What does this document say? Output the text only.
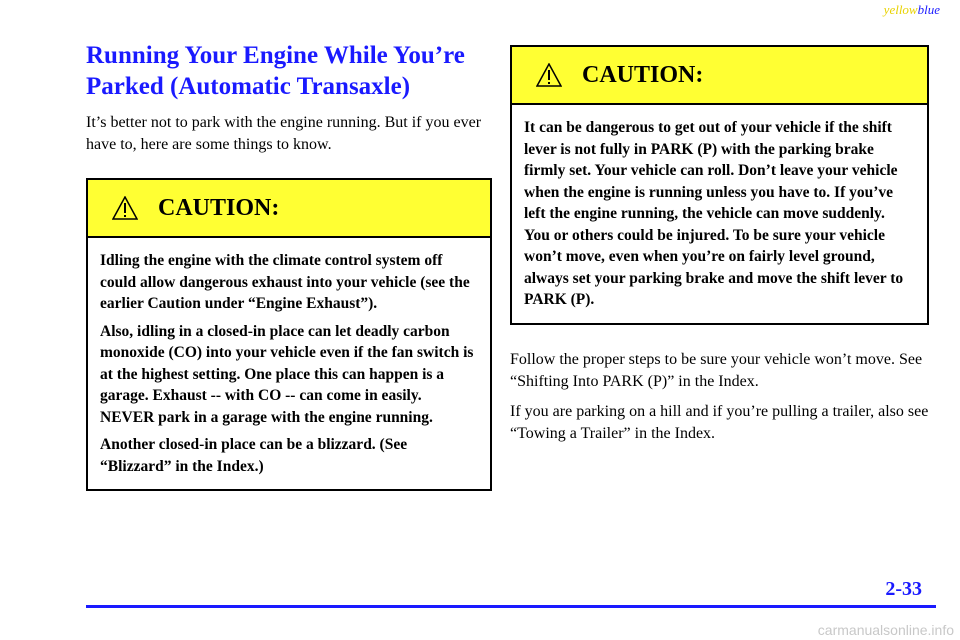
yellowblue
Running Your Engine While You’re
Parked (Automatic Transaxle)

It’s better not to park with the engine running. But if you ever have to, here are some things to know.

CAUTION:

Idling the engine with the climate control system off could allow dangerous exhaust into your vehicle (see the earlier Caution under “Engine Exhaust”).

Also, idling in a closed-in place can let deadly carbon monoxide (CO) into your vehicle even if the fan switch is at the highest setting. One place this can happen is a garage. Exhaust -- with CO -- can come in easily. NEVER park in a garage with the engine running.

Another closed-in place can be a blizzard. (See “Blizzard” in the Index.)

CAUTION:

It can be dangerous to get out of your vehicle if the shift lever is not fully in PARK (P) with the parking brake firmly set. Your vehicle can roll. Don’t leave your vehicle when the engine is running unless you have to. If you’ve left the engine running, the vehicle can move suddenly. You or others could be injured. To be sure your vehicle won’t move, even when you’re on fairly level ground, always set your parking brake and move the shift lever to PARK (P).

Follow the proper steps to be sure your vehicle won’t move. See “Shifting Into PARK (P)” in the Index.

If you are parking on a hill and if you’re pulling a trailer, also see “Towing a Trailer” in the Index.

2-33
carmanualsonline.info
